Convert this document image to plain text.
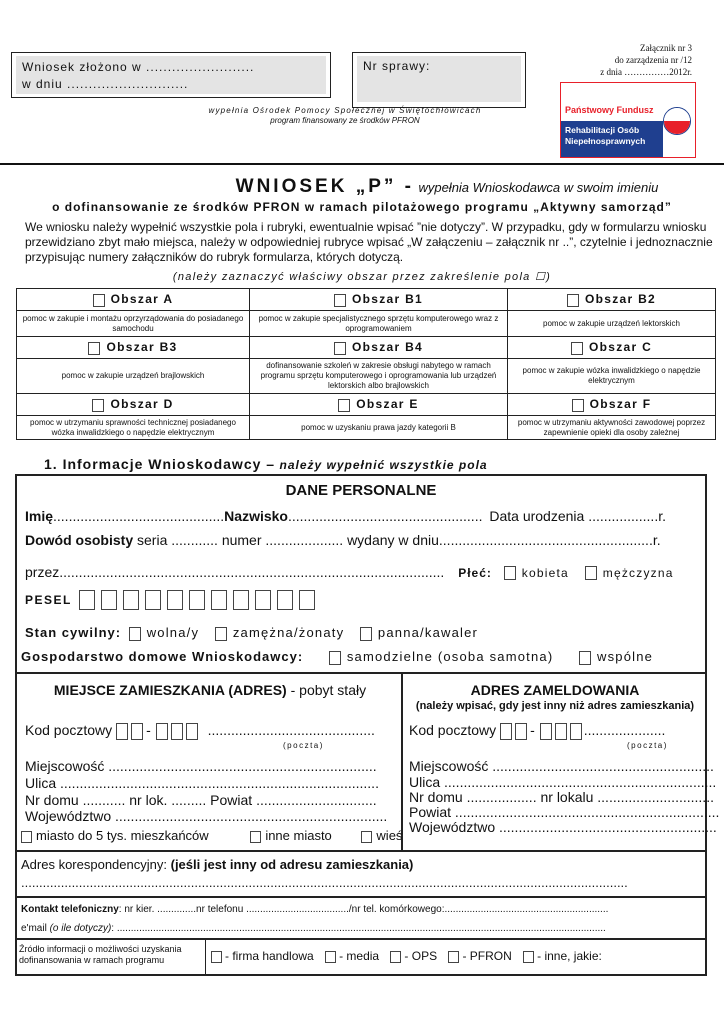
Wniosek złożono w .........................
w dniu ............................
Nr sprawy:
wypełnia Ośrodek Pomocy Społecznej w Świętochłowicach
program finansowany ze środków PFRON
Załącznik nr 3
do zarządzenia nr /12
z dnia ……………2012r.
Państwowy Fundusz
Rehabilitacji Osób
Niepełnosprawnych
WNIOSEK „P” - wypełnia Wnioskodawca w swoim imieniu
o dofinansowanie ze środków PFRON w ramach pilotażowego programu „Aktywny samorząd”
We wniosku należy wypełnić wszystkie pola i rubryki, ewentualnie wpisać ”nie dotyczy”. W przypadku, gdy w formularzu wniosku przewidziano zbyt mało miejsca, należy w odpowiedniej rubryce wpisać „W załączeniu – załącznik nr ..”, czytelnie i jednoznacznie przypisując numery załączników do rubryk formularza, których dotyczą.
(należy zaznaczyć właściwy obszar przez zakreślenie pola ☐)
Obszar A	Obszar B1	Obszar B2
pomoc w zakupie i montażu oprzyrządowania do posiadanego samochodu	pomoc w zakupie specjalistycznego sprzętu komputerowego wraz z oprogramowaniem	pomoc w zakupie urządzeń lektorskich
Obszar B3	Obszar B4	Obszar C
pomoc w zakupie urządzeń brajlowskich	dofinansowanie szkoleń w zakresie obsługi nabytego w ramach programu sprzętu komputerowego i oprogramowania lub urządzeń lektorskich albo brajlowskich	pomoc w zakupie wózka inwalidzkiego o napędzie elektrycznym
Obszar D	Obszar E	Obszar F
pomoc w utrzymaniu sprawności technicznej posiadanego wózka inwalidzkiego o napędzie elektrycznym	pomoc w uzyskaniu prawa jazdy kategorii B	pomoc w utrzymaniu aktywności zawodowej poprzez zapewnienie opieki dla osoby zależnej
1. Informacje Wnioskodawcy – należy wypełnić wszystkie pola
DANE PERSONALNE
Imię............................................Nazwisko.................................................. Data urodzenia ..................r.
Dowód osobisty seria ............ numer .................... wydany w dniu.......................................................r.
przez................................................................................................... Płeć: kobieta	mężczyzna
PESEL
Stan cywilny: wolna/y	zamężna/żonaty	panna/kawaler
Gospodarstwo domowe Wnioskodawcy:	samodzielne (osoba samotna)	wspólne
MIEJSCE ZAMIESZKANIA (ADRES) - pobyt stały
Kod pocztowy -	...........................................
(poczta)
Miejscowość .....................................................................
Ulica ..................................................................................
Nr domu ........... nr lok. ......... Powiat ...............................
Województwo ......................................................................
miasto do 5 tys. mieszkańców	inne miasto	wieś
ADRES ZAMELDOWANIA
(należy wpisać, gdy jest inny niż adres zamieszkania)
Kod pocztowy -	.....................
(poczta)
Miejscowość .........................................................
Ulica ......................................................................
Nr domu .................. nr lokalu ..............................
Powiat ....................................................................
Województwo ........................................................
Adres korespondencyjny: (jeśli jest inny od adresu zamieszkania)
........................................................................................................................................................................
Kontakt telefoniczny: nr kier. ..............nr telefonu ...................................../nr tel. komórkowego:...........................................................
e'mail (o ile dotyczy): ................................................................................................................................................................................
Źródło informacji o możliwości uzyskania dofinansowania w ramach programu	- firma handlowa - media - OPS - PFRON - inne, jakie:
